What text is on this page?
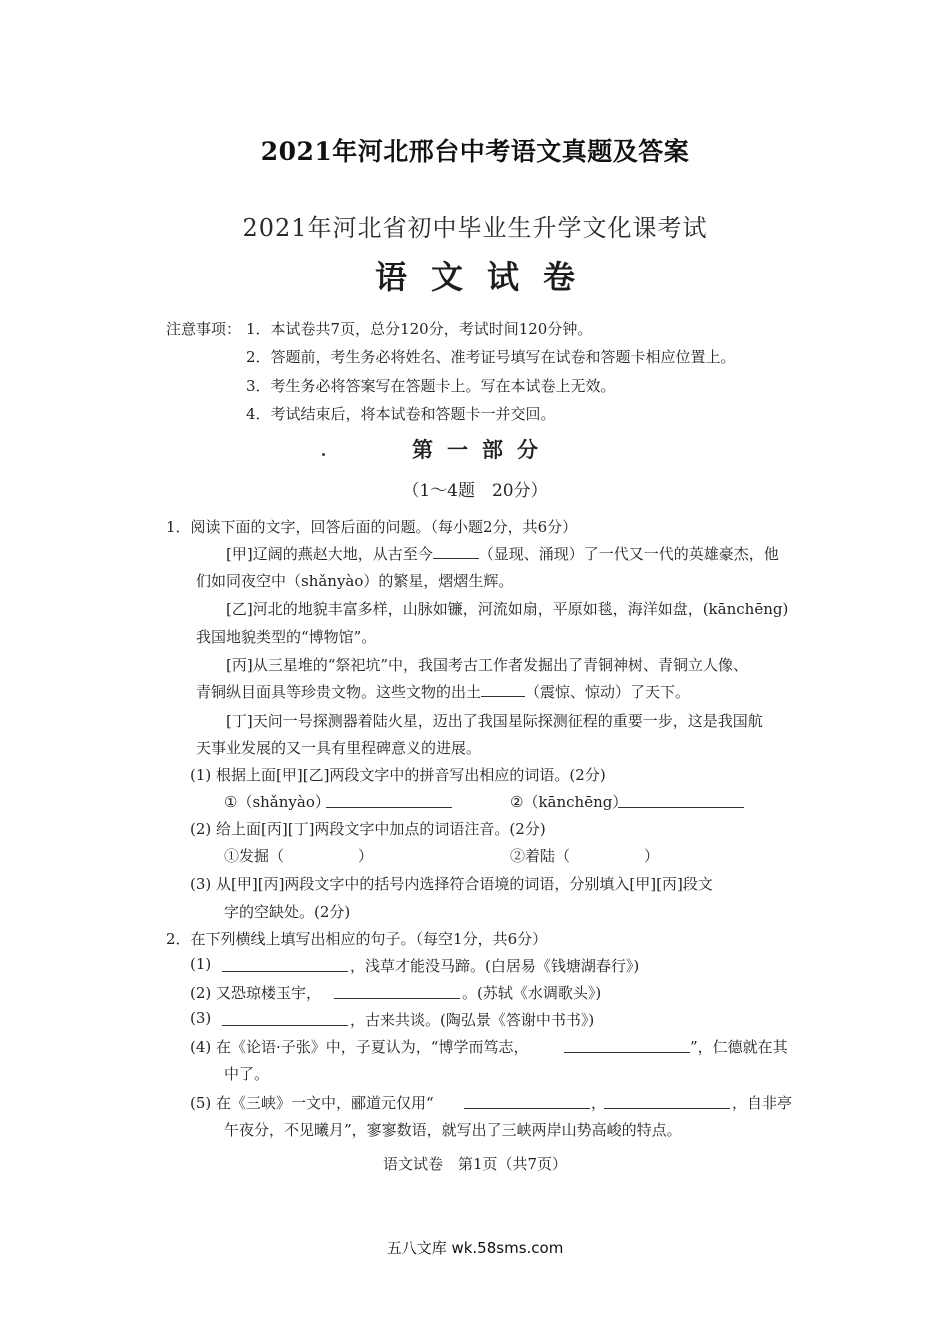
2021年河北邢台中考语文真题及答案
2021年河北省初中毕业生升学文化课考试
语文试卷
注意事项： 1．本试卷共7页，总分120分，考试时间120分钟。
2．答题前，考生务必将姓名、准考证号填写在试卷和答题卡相应位置上。
3．考生务必将答案写在答题卡上。写在本试卷上无效。
4．考试结束后，将本试卷和答题卡一并交回。
第一部分
（1～4题　20分）
1．阅读下面的文字，回答后面的问题。（每小题2分，共6分）
[甲]辽阔的燕赵大地，从古至今	（显现、涌现）了一代又一代的英雄豪杰，他
们如同夜空中（shǎnyào）的繁星，熠熠生辉。
[乙]河北的地貌丰富多样，山脉如镰，河流如扇，平原如毯，海洋如盘，(kānchēng)
我国地貌类型的“博物馆”。
[丙]从三星堆的“祭祀坑”中，我国考古工作者发掘出了青铜神树、青铜立人像、
青铜纵目面具等珍贵文物。这些文物的出土	（震惊、惊动）了天下。
[丁]天问一号探测器着陆火星，迈出了我国星际探测征程的重要一步，这是我国航
天事业发展的又一具有里程碑意义的进展。
(1) 根据上面[甲][乙]两段文字中的拼音写出相应的词语。(2分)
①（shǎnyào）	②（kānchēng）
(2) 给上面[丙][丁]两段文字中加点的词语注音。(2分)
①发掘（	）	②着陆（	）
(3) 从[甲][丙]两段文字中的括号内选择符合语境的词语，分别填入[甲][丙]段文
字的空缺处。(2分)
2．在下列横线上填写出相应的句子。（每空1分，共6分）
(1)	，浅草才能没马蹄。(白居易《钱塘湖春行》)
(2) 又恐琼楼玉宇，	。(苏轼《水调歌头》)
(3)	，古来共谈。(陶弘景《答谢中书书》)
(4) 在《论语·子张》中，子夏认为，“博学而笃志，	”，仁德就在其
中了。
(5) 在《三峡》一文中，郦道元仅用“	，	，自非亭
午夜分，不见曦月”，寥寥数语，就写出了三峡两岸山势高峻的特点。
语文试卷　第1页（共7页）
五八文库 wk.58sms.com
